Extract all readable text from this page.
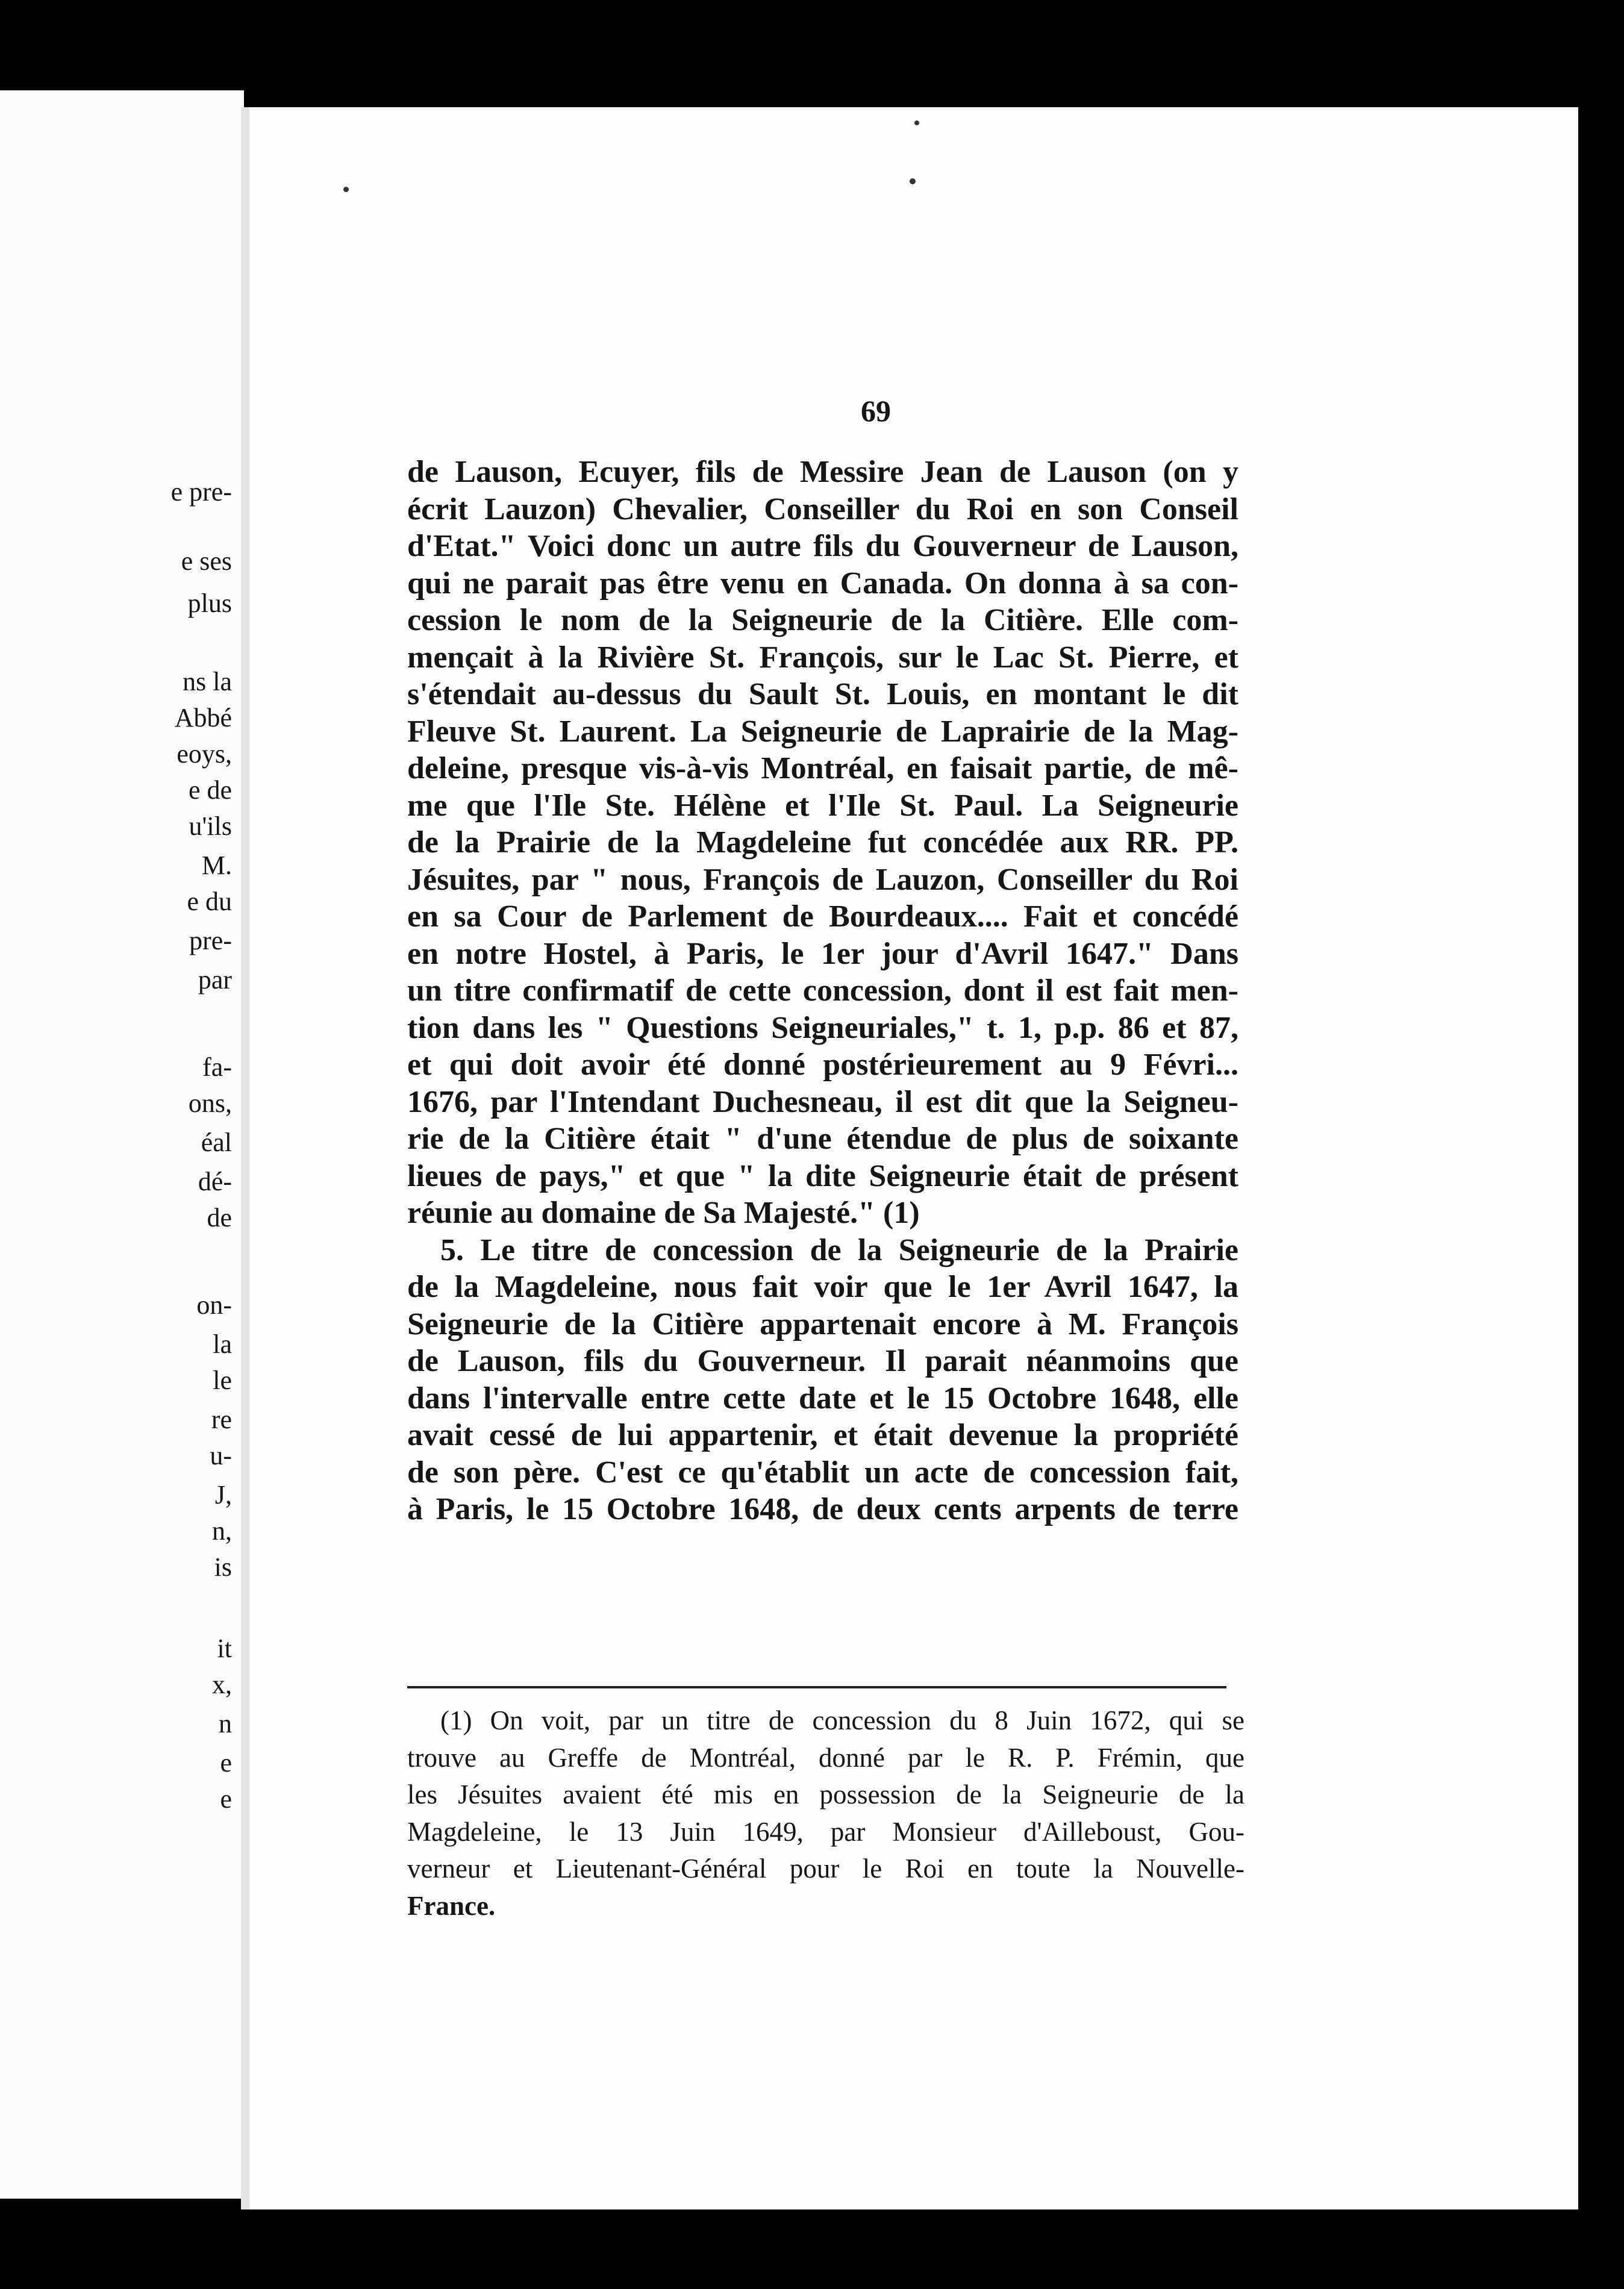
e pre-
e ses
plus
ns la
Abbé
eoys,
e de
u'ils
M.
e du
pre-
par
fa-
ons,
éal
dé-
de
on-
la
le
re
u-
J,
n,
is
it
x,
n
e
e
69
de Lauson, Ecuyer, fils de Messire Jean de Lauson (on y
écrit Lauzon) Chevalier, Conseiller du Roi en son Conseil
d'Etat." Voici donc un autre fils du Gouverneur de Lauson,
qui ne parait pas être venu en Canada. On donna à sa con-
cession le nom de la Seigneurie de la Citière. Elle com-
mençait à la Rivière St. François, sur le Lac St. Pierre, et
s'étendait au-dessus du Sault St. Louis, en montant le dit
Fleuve St. Laurent. La Seigneurie de Laprairie de la Mag-
deleine, presque vis-à-vis Montréal, en faisait partie, de mê-
me que l'Ile Ste. Hélène et l'Ile St. Paul. La Seigneurie
de la Prairie de la Magdeleine fut concédée aux RR. PP.
Jésuites, par " nous, François de Lauzon, Conseiller du Roi
en sa Cour de Parlement de Bourdeaux.... Fait et concédé
en notre Hostel, à Paris, le 1er jour d'Avril 1647." Dans
un titre confirmatif de cette concession, dont il est fait men-
tion dans les " Questions Seigneuriales," t. 1, p.p. 86 et 87,
et qui doit avoir été donné postérieurement au 9 Févri...
1676, par l'Intendant Duchesneau, il est dit que la Seigneu-
rie de la Citière était " d'une étendue de plus de soixante
lieues de pays," et que " la dite Seigneurie était de présent
réunie au domaine de Sa Majesté." (1)
5. Le titre de concession de la Seigneurie de la Prairie
de la Magdeleine, nous fait voir que le 1er Avril 1647, la
Seigneurie de la Citière appartenait encore à M. François
de Lauson, fils du Gouverneur. Il parait néanmoins que
dans l'intervalle entre cette date et le 15 Octobre 1648, elle
avait cessé de lui appartenir, et était devenue la propriété
de son père. C'est ce qu'établit un acte de concession fait,
à Paris, le 15 Octobre 1648, de deux cents arpents de terre
(1) On voit, par un titre de concession du 8 Juin 1672, qui se
trouve au Greffe de Montréal, donné par le R. P. Frémin, que
les Jésuites avaient été mis en possession de la Seigneurie de la
Magdeleine, le 13 Juin 1649, par Monsieur d'Ailleboust, Gou-
verneur et Lieutenant-Général pour le Roi en toute la Nouvelle-
France.
